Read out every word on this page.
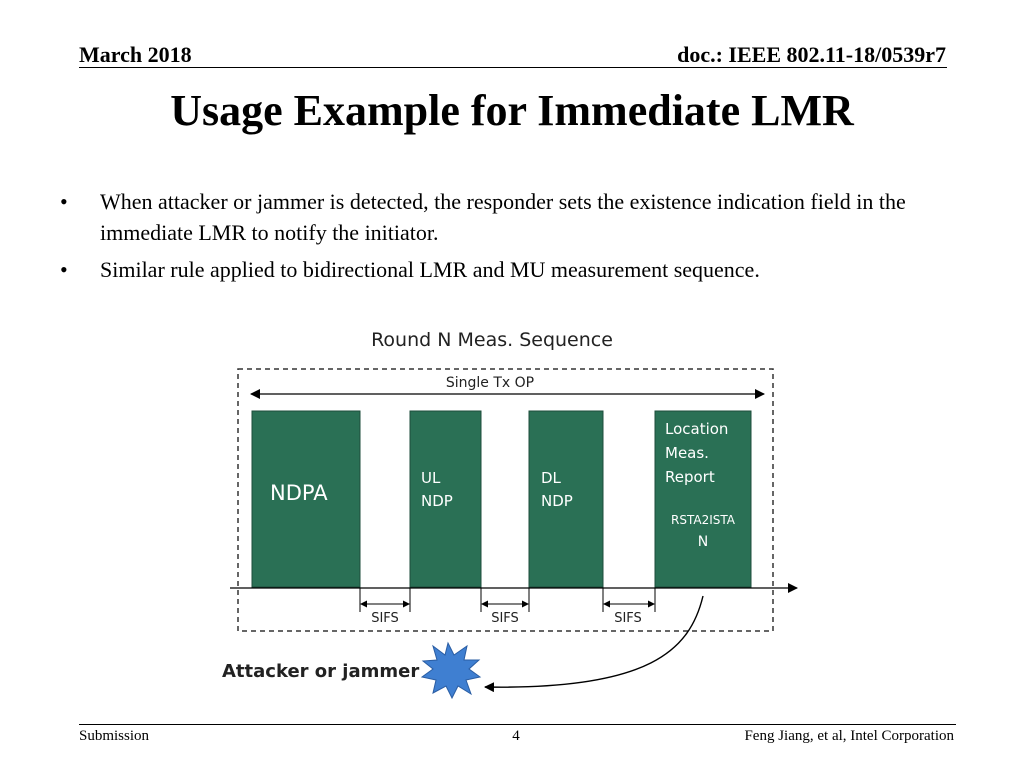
March 2018	doc.: IEEE 802.11-18/0539r7
Usage Example for Immediate LMR
• When attacker or jammer is detected, the responder sets the existence indication field in the immediate LMR to notify the initiator.
• Similar rule applied to bidirectional LMR and MU measurement sequence.
Round N Meas. Sequence
Single Tx OP
NDPA
UL
NDP
DL
NDP
Location
Meas.
Report
RSTA2ISTA
N
SIFS	SIFS	SIFS
Attacker or jammer
Submission	4	Feng Jiang, et al, Intel Corporation
